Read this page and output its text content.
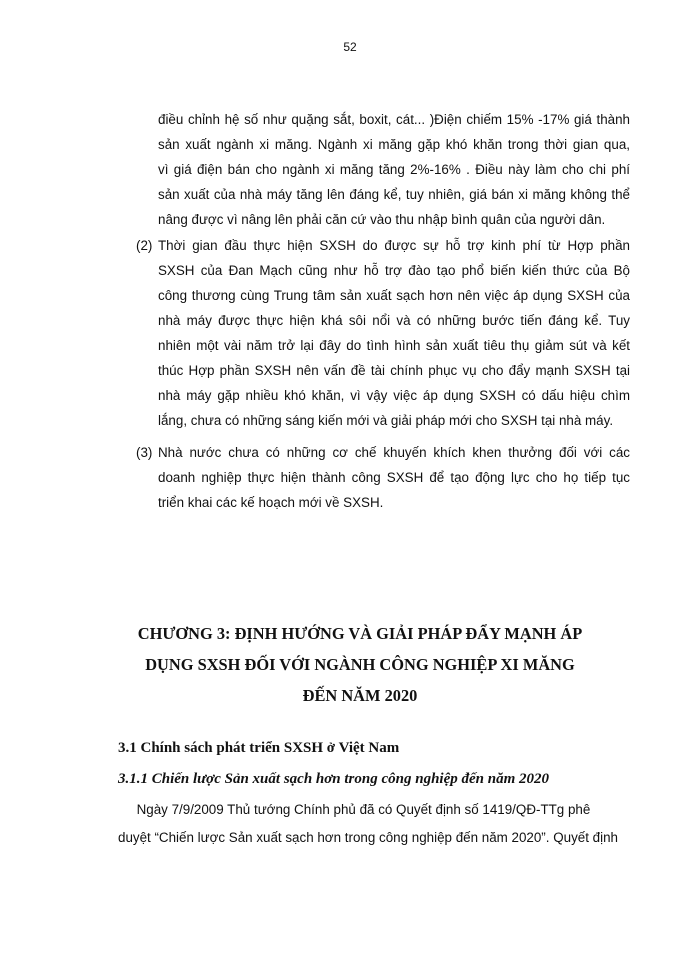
52
điều chỉnh hệ số như quặng sắt, boxit, cát... )Điện chiếm 15% -17% giá thành
sản xuất ngành xi măng. Ngành xi măng gặp khó khăn trong thời gian qua,
vì giá điện bán cho ngành xi măng tăng 2%-16% . Điều này làm cho chi phí
sản xuất của nhà máy tăng lên đáng kể, tuy nhiên, giá bán xi măng không thể
nâng được vì nâng lên phải căn cứ vào thu nhập bình quân của người dân.
(2) Thời gian đầu thực hiện SXSH do được sự hỗ trợ kinh phí từ Hợp phần
SXSH của Đan Mạch cũng như hỗ trợ đào tạo phổ biến kiến thức của Bộ
công thương cùng Trung tâm sản xuất sạch hơn nên việc áp dụng SXSH của
nhà máy được thực hiện khá sôi nổi và có những bước tiến đáng kể. Tuy
nhiên một vài năm trở lại đây do tình hình sản xuất tiêu thụ giảm sút và kết
thúc Hợp phần SXSH nên vấn đề tài chính phục vụ cho đẩy mạnh SXSH tại
nhà máy gặp nhiều khó khăn, vì vậy việc áp dụng SXSH có dấu hiệu chìm
lắng, chưa có những sáng kiến mới và giải pháp mới cho SXSH tại nhà máy.
(3) Nhà nước chưa có những cơ chế khuyến khích khen thưởng đối với các
doanh nghiệp thực hiện thành công SXSH để tạo động lực cho họ tiếp tục
triển khai các kế hoạch mới về SXSH.
CHƯƠNG 3: ĐỊNH HƯỚNG VÀ GIẢI PHÁP ĐẨY MẠNH ÁP
DỤNG SXSH ĐỐI VỚI NGÀNH CÔNG NGHIỆP XI MĂNG
ĐẾN NĂM 2020
3.1 Chính sách phát triển SXSH ở Việt Nam
3.1.1 Chiến lược Sản xuất sạch hơn trong công nghiệp đến năm 2020
Ngày 7/9/2009 Thủ tướng Chính phủ đã có Quyết định số 1419/QĐ-TTg phê
duyệt “Chiến lược Sản xuất sạch hơn trong công nghiệp đến năm 2020”. Quyết định
